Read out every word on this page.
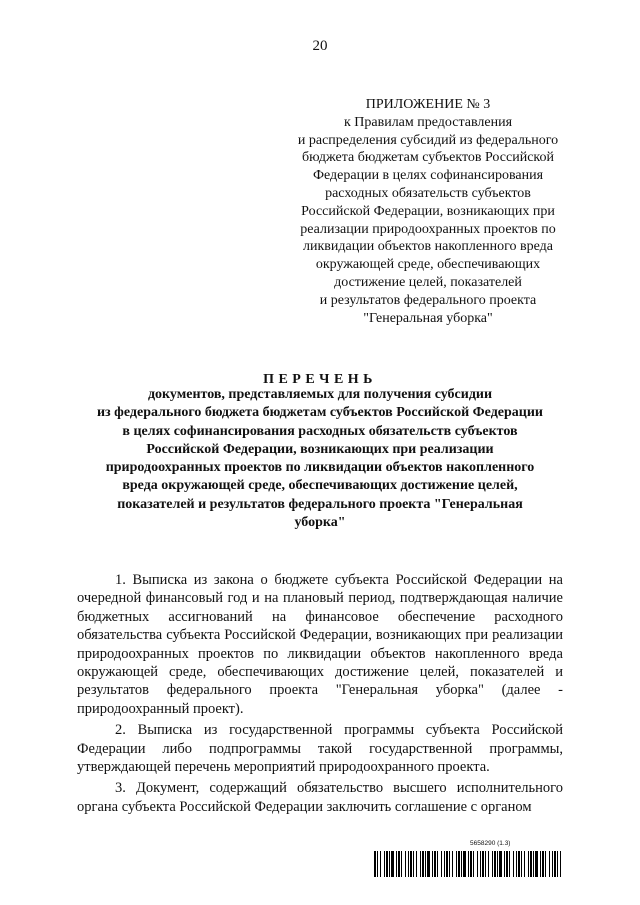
20
ПРИЛОЖЕНИЕ № 3
к Правилам предоставления
и распределения субсидий из федерального
бюджета бюджетам субъектов Российской
Федерации в целях софинансирования
расходных обязательств субъектов
Российской Федерации, возникающих при
реализации природоохранных проектов по
ликвидации объектов накопленного вреда
окружающей среде, обеспечивающих
достижение целей, показателей
и результатов федерального проекта
"Генеральная уборка"
ПЕРЕЧЕНЬ
документов, представляемых для получения субсидии
из федерального бюджета бюджетам субъектов Российской Федерации
в целях софинансирования расходных обязательств субъектов
Российской Федерации, возникающих при реализации
природоохранных проектов по ликвидации объектов накопленного
вреда окружающей среде, обеспечивающих достижение целей,
показателей и результатов федерального проекта "Генеральная
уборка"
1. Выписка из закона о бюджете субъекта Российской Федерации на очередной финансовый год и на плановый период, подтверждающая наличие бюджетных ассигнований на финансовое обеспечение расходного обязательства субъекта Российской Федерации, возникающих при реализации природоохранных проектов по ликвидации объектов накопленного вреда окружающей среде, обеспечивающих достижение целей, показателей и результатов федерального проекта "Генеральная уборка" (далее - природоохранный проект).
2. Выписка из государственной программы субъекта Российской Федерации либо подпрограммы такой государственной программы, утверждающей перечень мероприятий природоохранного проекта.
3. Документ, содержащий обязательство высшего исполнительного органа субъекта Российской Федерации заключить соглашение с органом
5658290 (1.3)
